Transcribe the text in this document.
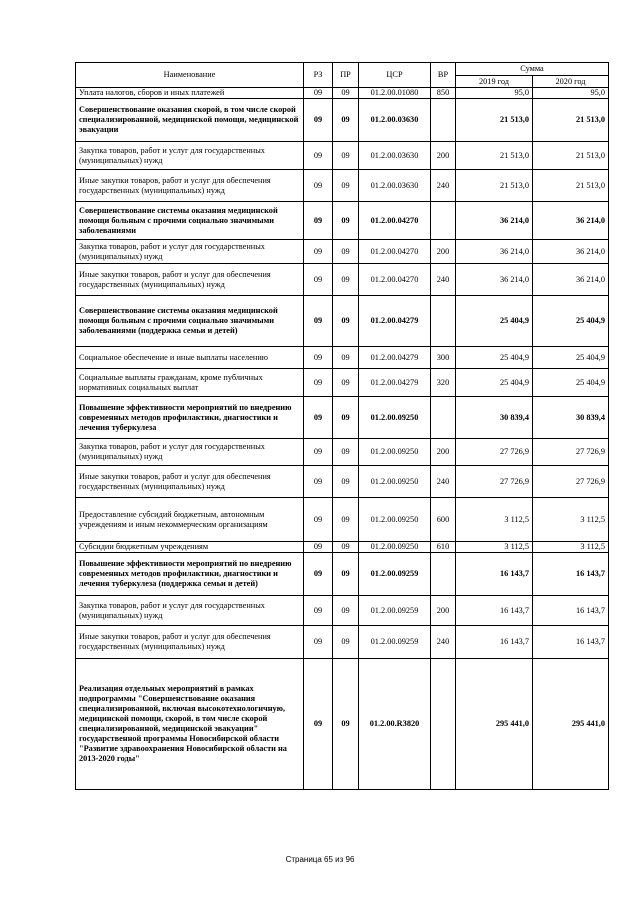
Наименование	РЗ	ПР	ЦСР	ВР	Сумма	
					2019 год	2020 год
Уплата налогов, сборов и иных платежей	09	09	01.2.00.01080	850	95,0	95,0
Совершенствование оказания скорой, в том числе скорой специализированной, медицинской помощи, медицинской эвакуации	09	09	01.2.00.03630		21 513,0	21 513,0
Закупка товаров, работ и услуг для государственных (муниципальных) нужд	09	09	01.2.00.03630	200	21 513,0	21 513,0
Иные закупки товаров, работ и услуг для обеспечения государственных (муниципальных) нужд	09	09	01.2.00.03630	240	21 513,0	21 513,0
Совершенствование системы оказания медицинской помощи больным с прочими социально значимыми заболеваниями	09	09	01.2.00.04270		36 214,0	36 214,0
Закупка товаров, работ и услуг для государственных (муниципальных) нужд	09	09	01.2.00.04270	200	36 214,0	36 214,0
Иные закупки товаров, работ и услуг для обеспечения государственных (муниципальных) нужд	09	09	01.2.00.04270	240	36 214,0	36 214,0
Совершенствование системы оказания медицинской помощи больным с прочими социально значимыми заболеваниями (поддержка семьи и детей)	09	09	01.2.00.04279		25 404,9	25 404,9
Социальное обеспечение и иные выплаты населению	09	09	01.2.00.04279	300	25 404,9	25 404,9
Социальные выплаты гражданам, кроме публичных нормативных социальных выплат	09	09	01.2.00.04279	320	25 404,9	25 404,9
Повышение эффективности мероприятий по внедрению современных методов профилактики, диагностики и лечения туберкулеза	09	09	01.2.00.09250		30 839,4	30 839,4
Закупка товаров, работ и услуг для государственных (муниципальных) нужд	09	09	01.2.00.09250	200	27 726,9	27 726,9
Иные закупки товаров, работ и услуг для обеспечения государственных (муниципальных) нужд	09	09	01.2.00.09250	240	27 726,9	27 726,9
Предоставление субсидий бюджетным, автономным учреждениям и иным некоммерческим организациям	09	09	01.2.00.09250	600	3 112,5	3 112,5
Субсидии бюджетным учреждениям	09	09	01.2.00.09250	610	3 112,5	3 112,5
Повышение эффективности мероприятий по внедрению современных методов профилактики, диагностики и лечения туберкулеза (поддержка семьи и детей)	09	09	01.2.00.09259		16 143,7	16 143,7
Закупка товаров, работ и услуг для государственных (муниципальных) нужд	09	09	01.2.00.09259	200	16 143,7	16 143,7
Иные закупки товаров, работ и услуг для обеспечения государственных (муниципальных) нужд	09	09	01.2.00.09259	240	16 143,7	16 143,7
Реализация отдельных мероприятий в рамках подпрограммы "Совершенствование оказания специализированной, включая высокотехнологичную, медицинской помощи, скорой, в том числе скорой специализированной, медицинской эвакуации" государственной программы Новосибирской области "Развитие здравоохранения Новосибирской области на 2013-2020 годы"	09	09	01.2.00.R3820		295 441,0	295 441,0
Страница 65 из 96
